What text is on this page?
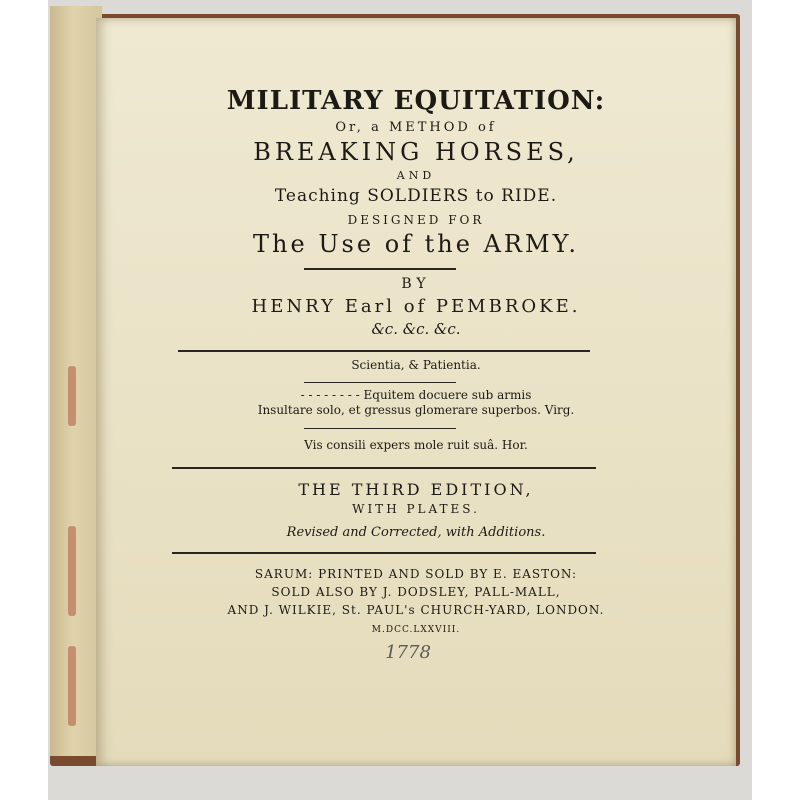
MILITARY EQUITATION:
Or, a METHOD of
BREAKING HORSES,
AND
Teaching SOLDIERS to RIDE.
DESIGNED FOR
The Use of the ARMY.
BY
HENRY Earl of PEMBROKE.
&c. &c. &c.
Scientia, & Patientia.
- - - - - - - - Equitem docuere sub armis
Insultare solo, et gressus glomerare superbos. Virg.
Vis consili expers mole ruit suâ. Hor.
THE THIRD EDITION,
WITH PLATES.
Revised and Corrected, with Additions.
SARUM: PRINTED AND SOLD BY E. EASTON:
SOLD ALSO BY J. DODSLEY, PALL-MALL,
AND J. WILKIE, St. PAUL's CHURCH-YARD, LONDON.
M.DCC.LXXVIII.
1778
